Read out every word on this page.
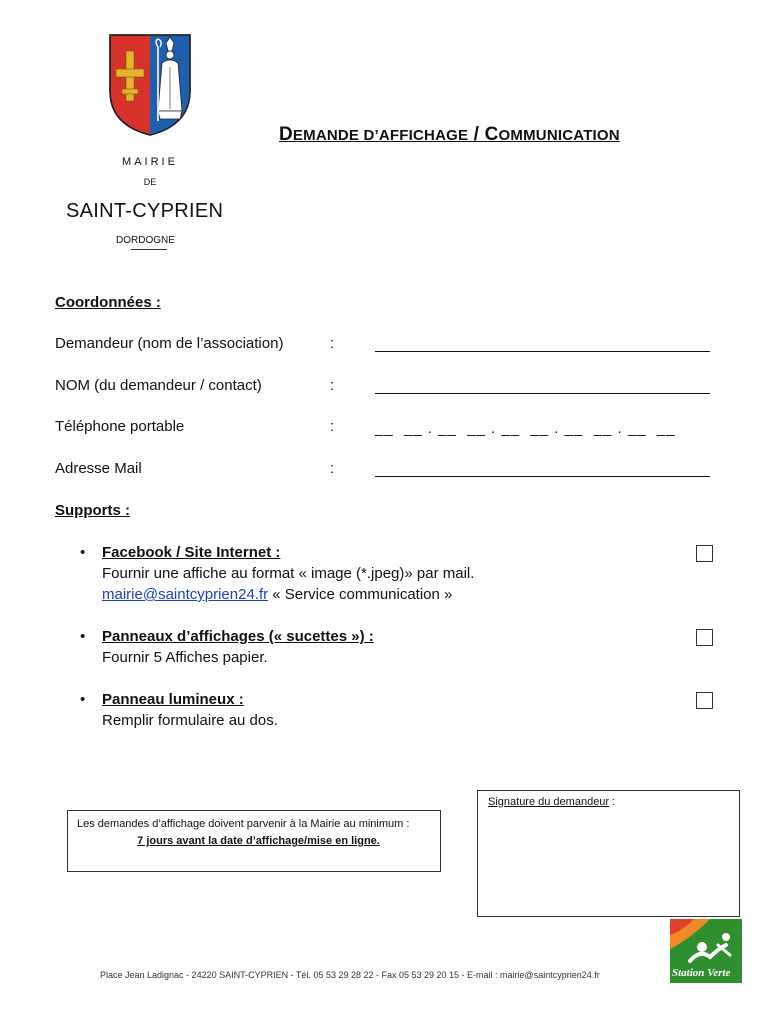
MAIRIE
DE
SAINT-CYPRIEN
DORDOGNE
DEMANDE D’AFFICHAGE / COMMUNICATION
Coordonnées :
Demandeur (nom de l’association)	:
NOM (du demandeur / contact)	:
Téléphone portable	:	__  __ . __  __ . __  __ . __  __ . __  __
Adresse Mail	:
Supports :
• Facebook / Site Internet :
Fournir une affiche au format « image (*.jpeg)» par mail.
mairie@saintcyprien24.fr « Service communication »
• Panneaux d’affichages (« sucettes ») :
Fournir 5 Affiches papier.
• Panneau lumineux :
Remplir formulaire au dos.
Signature du demandeur :
Les demandes d’affichage doivent parvenir à la Mairie au minimum :
7 jours avant la date d’affichage/mise en ligne.
Place Jean Ladignac - 24220 SAINT-CYPRIEN - Tél. 05 53 29 28 22 - Fax 05 53 29 20 15 - E-mail : mairie@saintcyprien24.fr	Station Verte
